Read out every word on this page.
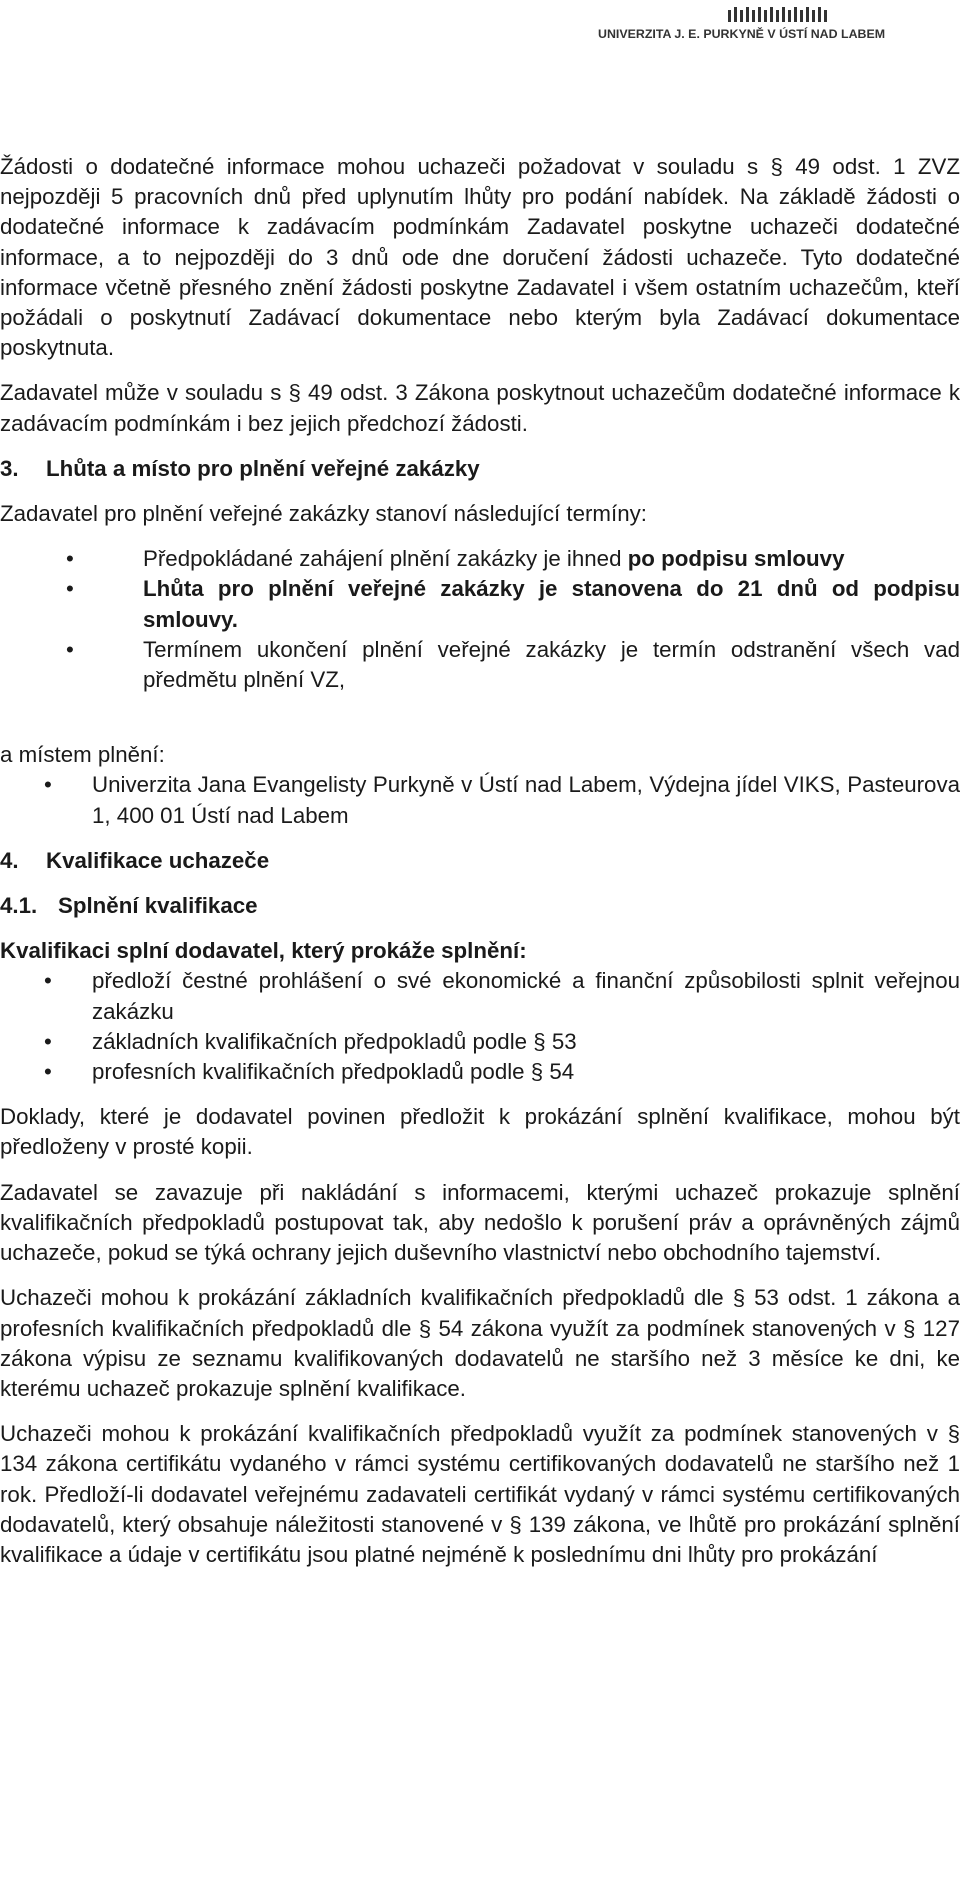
UNIVERZITA J. E. PURKYNĚ V ÚSTÍ NAD LABEM

Žádosti o dodatečné informace mohou uchazeči požadovat v souladu s § 49 odst. 1 ZVZ nejpozději 5 pracovních dnů před uplynutím lhůty pro podání nabídek. Na základě žádosti o dodatečné informace k zadávacím podmínkám Zadavatel poskytne uchazeči dodatečné informace, a to nejpozději do 3 dnů ode dne doručení žádosti uchazeče. Tyto dodatečné informace včetně přesného znění žádosti poskytne Zadavatel i všem ostatním uchazečům, kteří požádali o poskytnutí Zadávací dokumentace nebo kterým byla Zadávací dokumentace poskytnuta.

Zadavatel může v souladu s § 49 odst. 3 Zákona poskytnout uchazečům dodatečné informace k zadávacím podmínkám i bez jejich předchozí žádosti.

3. Lhůta a místo pro plnění veřejné zakázky

Zadavatel pro plnění veřejné zakázky stanoví následující termíny:

• Předpokládané zahájení plnění zakázky je ihned po podpisu smlouvy
• Lhůta pro plnění veřejné zakázky je stanovena do 21 dnů od podpisu smlouvy.
• Termínem ukončení plnění veřejné zakázky je termín odstranění všech vad předmětu plnění VZ,

a místem plnění:

• Univerzita Jana Evangelisty Purkyně v Ústí nad Labem, Výdejna jídel VIKS, Pasteurova 1, 400 01 Ústí nad Labem
4. Kvalifikace uchazeče
4.1. Splnění kvalifikace

Kvalifikaci splní dodavatel, který prokáže splnění:

• předloží čestné prohlášení o své ekonomické a finanční způsobilosti splnit veřejnou zakázku
• základních kvalifikačních předpokladů podle § 53
• profesních kvalifikačních předpokladů podle § 54

Doklady, které je dodavatel povinen předložit k prokázání splnění kvalifikace, mohou být předloženy v prosté kopii.

Zadavatel se zavazuje při nakládání s informacemi, kterými uchazeč prokazuje splnění kvalifikačních předpokladů postupovat tak, aby nedošlo k porušení práv a oprávněných zájmů uchazeče, pokud se týká ochrany jejich duševního vlastnictví nebo obchodního tajemství.

Uchazeči mohou k prokázání základních kvalifikačních předpokladů dle § 53 odst. 1 zákona a profesních kvalifikačních předpokladů dle § 54 zákona využít za podmínek stanovených v § 127 zákona výpisu ze seznamu kvalifikovaných dodavatelů ne staršího než 3 měsíce ke dni, ke kterému uchazeč prokazuje splnění kvalifikace.

Uchazeči mohou k prokázání kvalifikačních předpokladů využít za podmínek stanovených v § 134 zákona certifikátu vydaného v rámci systému certifikovaných dodavatelů ne staršího než 1 rok. Předloží-li dodavatel veřejnému zadavateli certifikát vydaný v rámci systému certifikovaných dodavatelů, který obsahuje náležitosti stanovené v § 139 zákona, ve lhůtě pro prokázání splnění kvalifikace a údaje v certifikátu jsou platné nejméně k poslednímu dni lhůty pro prokázání
